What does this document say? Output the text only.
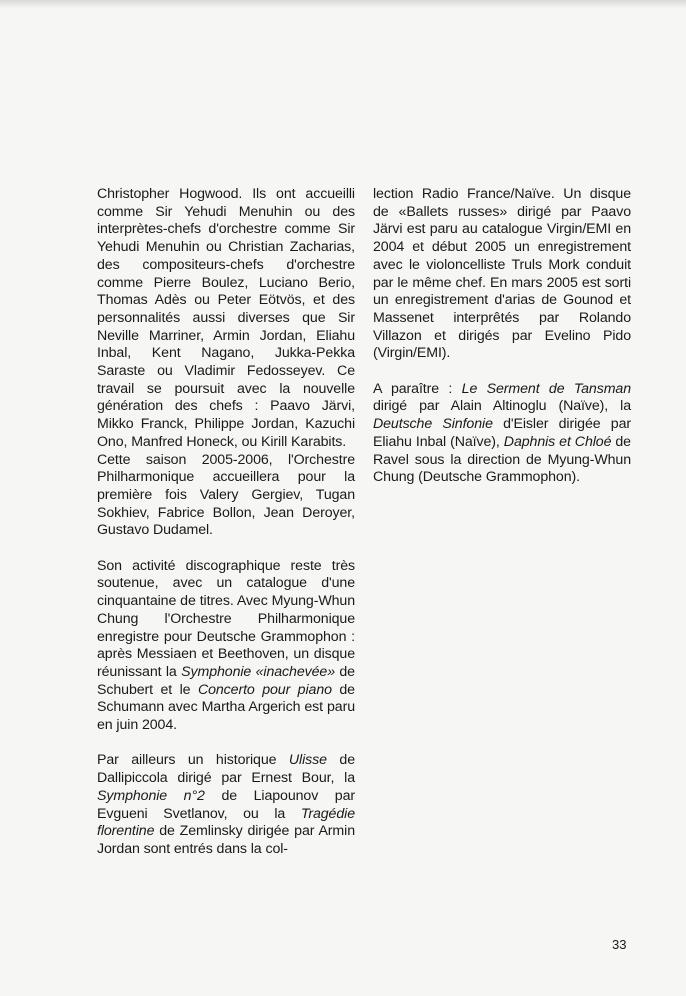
Christopher Hogwood. Ils ont accueilli comme Sir Yehudi Menuhin ou des interprètes-chefs d'orchestre comme Sir Yehudi Menuhin ou Christian Zacharias, des compositeurs-chefs d'orchestre comme Pierre Boulez, Luciano Berio, Thomas Adès ou Peter Eötvös, et des personnalités aussi diverses que Sir Neville Marriner, Armin Jordan, Eliahu Inbal, Kent Nagano, Jukka-Pekka Saraste ou Vladimir Fedosseyev. Ce travail se poursuit avec la nouvelle génération des chefs : Paavo Järvi, Mikko Franck, Philippe Jordan, Kazuchi Ono, Manfred Honeck, ou Kirill Karabits.
Cette saison 2005-2006, l'Orchestre Philharmonique accueillera pour la première fois Valery Gergiev, Tugan Sokhiev, Fabrice Bollon, Jean Deroyer, Gustavo Dudamel.

Son activité discographique reste très soutenue, avec un catalogue d'une cinquantaine de titres. Avec Myung-Whun Chung l'Orchestre Philharmonique enregistre pour Deutsche Grammophon : après Messiaen et Beethoven, un disque réunissant la Symphonie «inachevée» de Schubert et le Concerto pour piano de Schumann avec Martha Argerich est paru en juin 2004.

Par ailleurs un historique Ulisse de Dallipiccola dirigé par Ernest Bour, la Symphonie n°2 de Liapounov par Evgueni Svetlanov, ou la Tragédie florentine de Zemlinsky dirigée par Armin Jordan sont entrés dans la col-

lection Radio France/Naïve. Un disque de «Ballets russes» dirigé par Paavo Järvi est paru au catalogue Virgin/EMI en 2004 et début 2005 un enregistrement avec le violoncelliste Truls Mork conduit par le même chef. En mars 2005 est sorti un enregistrement d'arias de Gounod et Massenet interprêtés par Rolando Villazon et dirigés par Evelino Pido (Virgin/EMI).

A paraître : Le Serment de Tansman dirigé par Alain Altinoglu (Naïve), la Deutsche Sinfonie d'Eisler dirigée par Eliahu Inbal (Naïve), Daphnis et Chloé de Ravel sous la direction de Myung-Whun Chung (Deutsche Grammophon).

33
